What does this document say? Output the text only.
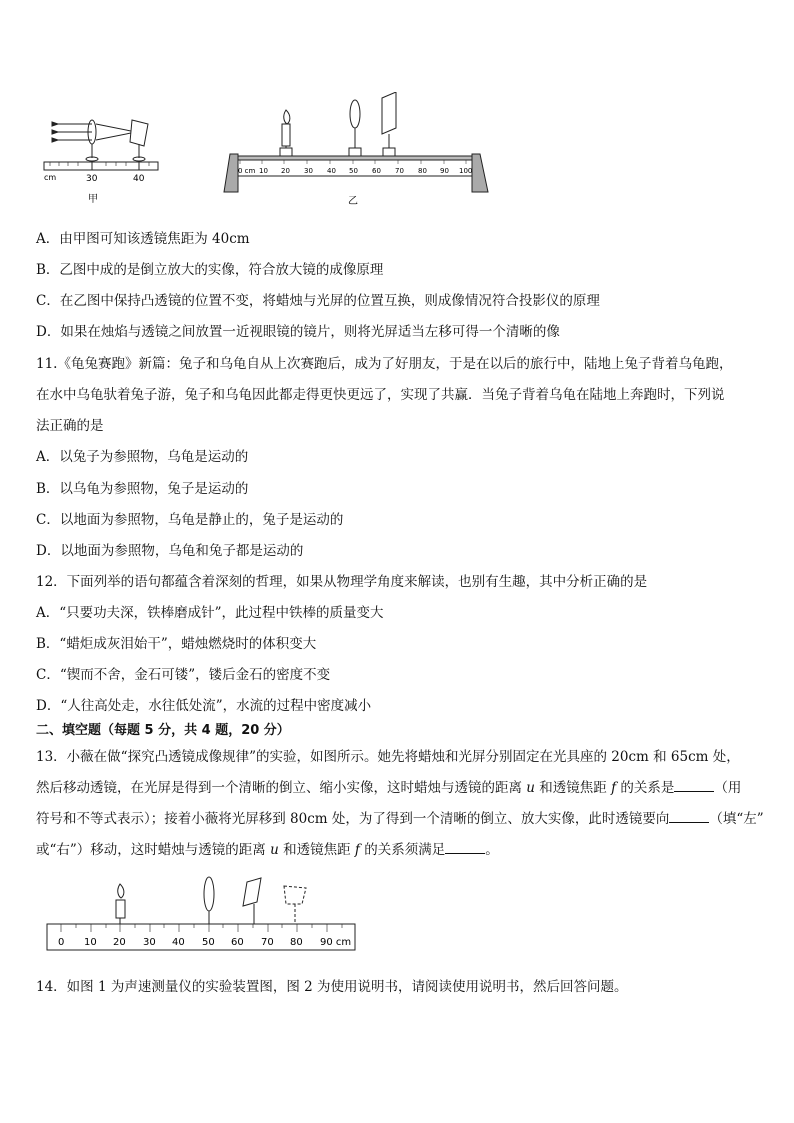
cm	30	40
甲
0 cm 10 20 30 40 50 60 70 80 90 100
乙
A．由甲图可知该透镜焦距为 40cm
B．乙图中成的是倒立放大的实像，符合放大镜的成像原理
C．在乙图中保持凸透镜的位置不变，将蜡烛与光屏的位置互换，则成像情况符合投影仪的原理
D．如果在烛焰与透镜之间放置一近视眼镜的镜片，则将光屏适当左移可得一个清晰的像
11.《龟兔赛跑》新篇：兔子和乌龟自从上次赛跑后，成为了好朋友，于是在以后的旅行中，陆地上兔子背着乌龟跑，
在水中乌龟驮着兔子游，兔子和乌龟因此都走得更快更远了，实现了共赢．当兔子背着乌龟在陆地上奔跑时，下列说
法正确的是
A．以兔子为参照物，乌龟是运动的
B．以乌龟为参照物，兔子是运动的
C．以地面为参照物，乌龟是静止的，兔子是运动的
D．以地面为参照物，乌龟和兔子都是运动的
12．下面列举的语句都蕴含着深刻的哲理，如果从物理学角度来解读，也别有生趣，其中分析正确的是
A．“只要功夫深，铁棒磨成针”，此过程中铁棒的质量变大
B．“蜡炬成灰泪始干”，蜡烛燃烧时的体积变大
C．“锲而不舍，金石可镂”，镂后金石的密度不变
D．“人往高处走，水往低处流”，水流的过程中密度减小
二、填空题（每题 5 分，共 4 题，20 分）
13．小薇在做“探究凸透镜成像规律”的实验，如图所示。她先将蜡烛和光屏分别固定在光具座的 20cm 和 65cm 处，
然后移动透镜，在光屏是得到一个清晰的倒立、缩小实像，这时蜡烛与透镜的距离 u 和透镜焦距 f 的关系是	（用
符号和不等式表示）；接着小薇将光屏移到 80cm 处，为了得到一个清晰的倒立、放大实像，此时透镜要向	（填“左”
或“右”）移动，这时蜡烛与透镜的距离 u 和透镜焦距 f 的关系须满足	。
0 10 20 30 40 50 60 70 80 90 cm
14．如图 1 为声速测量仪的实验装置图，图 2 为使用说明书，请阅读使用说明书，然后回答问题。
